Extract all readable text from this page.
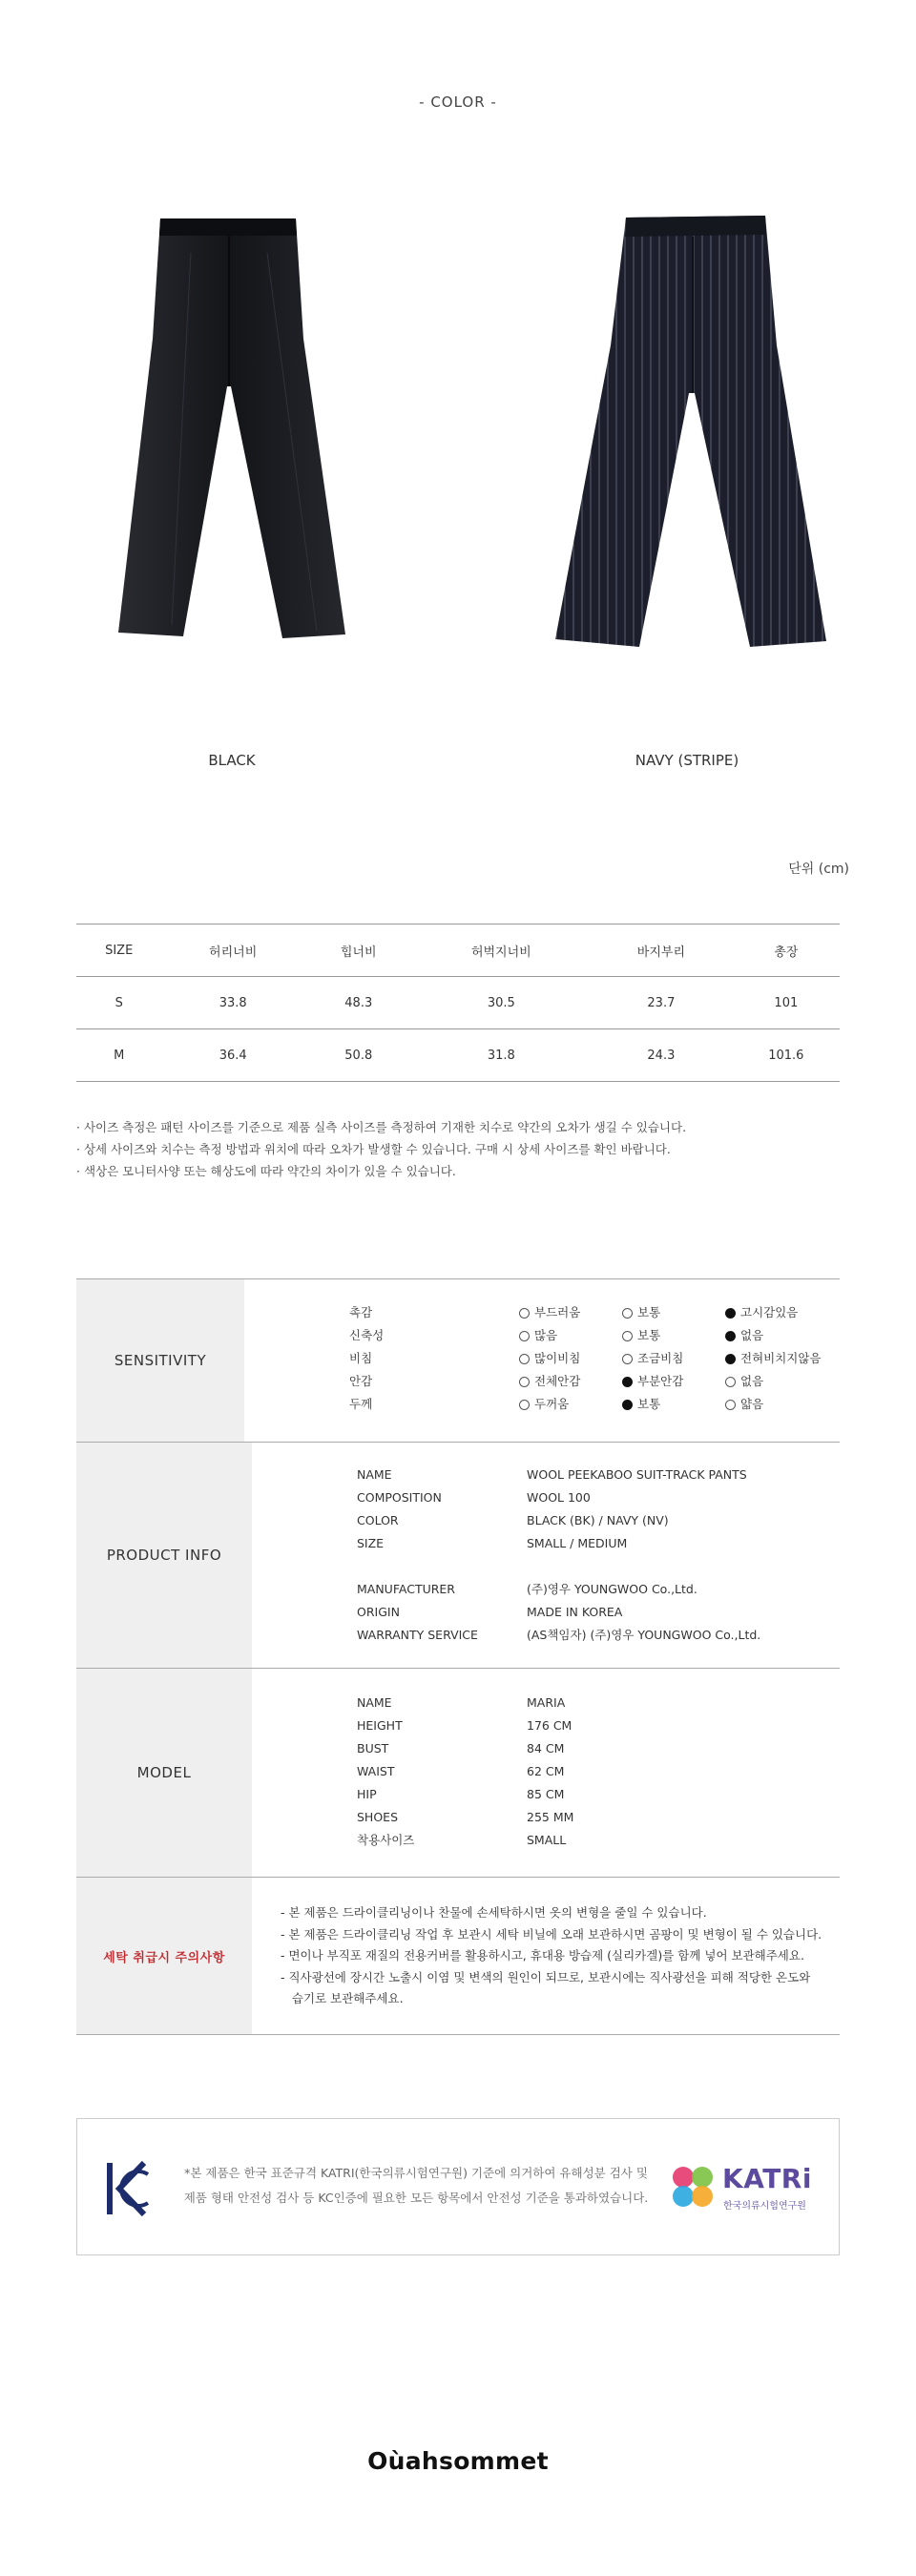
- COLOR -
BLACK	NAVY (STRIPE)
단위 (cm)
SIZE	허리너비	힙너비	허벅지너비	바지부리	총장
S	33.8	48.3	30.5	23.7	101
M	36.4	50.8	31.8	24.3	101.6
· 사이즈 측정은 패턴 사이즈를 기준으로 제품 실측 사이즈를 측정하여 기재한 치수로 약간의 오차가 생길 수 있습니다.
· 상세 사이즈와 치수는 측정 방법과 위치에 따라 오차가 발생할 수 있습니다. 구매 시 상세 사이즈를 확인 바랍니다.
· 색상은 모니터사양 또는 해상도에 따라 약간의 차이가 있을 수 있습니다.
SENSITIVITY
촉감	부드러움	보통	고시감있음
신축성	많음	보통	없음
비침	많이비침	조금비침	전혀비치지않음
안감	전체안감	부분안감	없음
두께	두꺼움	보통	얇음
PRODUCT INFO
NAME	WOOL PEEKABOO SUIT-TRACK PANTS
COMPOSITION	WOOL 100
COLOR	BLACK (BK) / NAVY (NV)
SIZE	SMALL / MEDIUM
MANUFACTURER	(주)영우 YOUNGWOO Co.,Ltd.
ORIGIN	MADE IN KOREA
WARRANTY SERVICE	(AS책임자) (주)영우 YOUNGWOO Co.,Ltd.
MODEL
NAME	MARIA
HEIGHT	176 CM
BUST	84 CM
WAIST	62 CM
HIP	85 CM
SHOES	255 MM
착용사이즈	SMALL
세탁 취급시 주의사항
- 본 제품은 드라이클리닝이나 찬물에 손세탁하시면 옷의 변형을 줄일 수 있습니다.
- 본 제품은 드라이클리닝 작업 후 보관시 세탁 비닐에 오래 보관하시면 곰팡이 및 변형이 될 수 있습니다.
- 면이나 부직포 재질의 전용커버를 활용하시고, 휴대용 방습제 (실리카겔)를 함께 넣어 보관해주세요.
- 직사광선에 장시간 노출시 이염 및 변색의 원인이 되므로, 보관시에는 직사광선을 피해 적당한 온도와
습기로 보관해주세요.
*본 제품은 한국 표준규격 KATRI(한국의류시험연구원) 기준에 의거하여 유해성분 검사 및
제품 형태 안전성 검사 등 KC인증에 필요한 모든 항목에서 안전성 기준을 통과하였습니다.
KATRi
한국의류시험연구원
Oùahsommet
